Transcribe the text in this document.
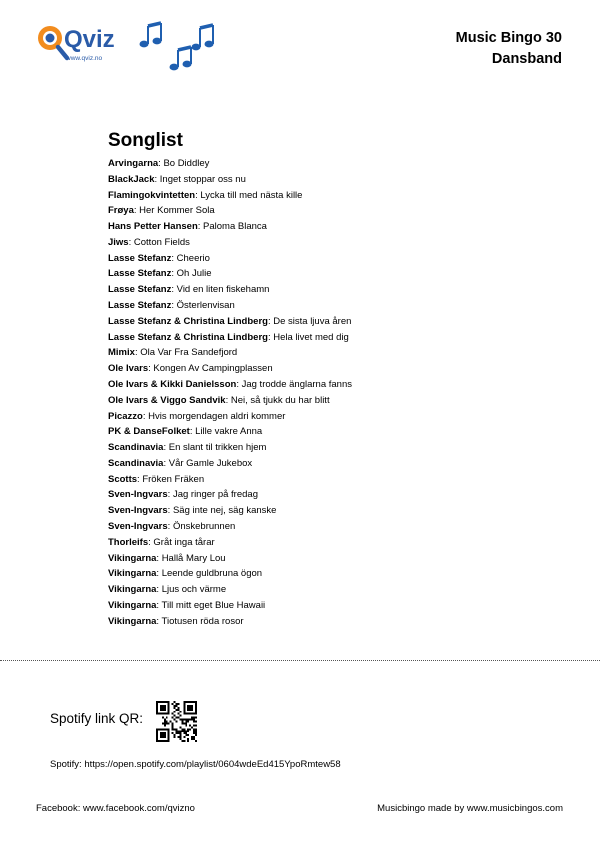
Qviz
www.qviz.no
Music Bingo 30
Dansband
Songlist
Arvingarna: Bo Diddley
BlackJack: Inget stoppar oss nu
Flamingokvintetten: Lycka till med nästa kille
Frøya: Her Kommer Sola
Hans Petter Hansen: Paloma Blanca
Jiws: Cotton Fields
Lasse Stefanz: Cheerio
Lasse Stefanz: Oh Julie
Lasse Stefanz: Vid en liten fiskehamn
Lasse Stefanz: Österlenvisan
Lasse Stefanz & Christina Lindberg: De sista ljuva åren
Lasse Stefanz & Christina Lindberg: Hela livet med dig
Mimix: Ola Var Fra Sandefjord
Ole Ivars: Kongen Av Campingplassen
Ole Ivars & Kikki Danielsson: Jag trodde änglarna fanns
Ole Ivars & Viggo Sandvik: Nei, så tjukk du har blitt
Picazzo: Hvis morgendagen aldri kommer
PK & DanseFolket: Lille vakre Anna
Scandinavia: En slant til trikken hjem
Scandinavia: Vår Gamle Jukebox
Scotts: Fröken Fräken
Sven-Ingvars: Jag ringer på fredag
Sven-Ingvars: Säg inte nej, säg kanske
Sven-Ingvars: Önskebrunnen
Thorleifs: Gråt inga tårar
Vikingarna: Hallå Mary Lou
Vikingarna: Leende guldbruna ögon
Vikingarna: Ljus och värme
Vikingarna: Till mitt eget Blue Hawaii
Vikingarna: Tiotusen röda rosor
Spotify link QR:
Spotify: https://open.spotify.com/playlist/0604wdeEd415YpoRmtew58
Facebook: www.facebook.com/qvizno	Musicbingo made by www.musicbingos.com
